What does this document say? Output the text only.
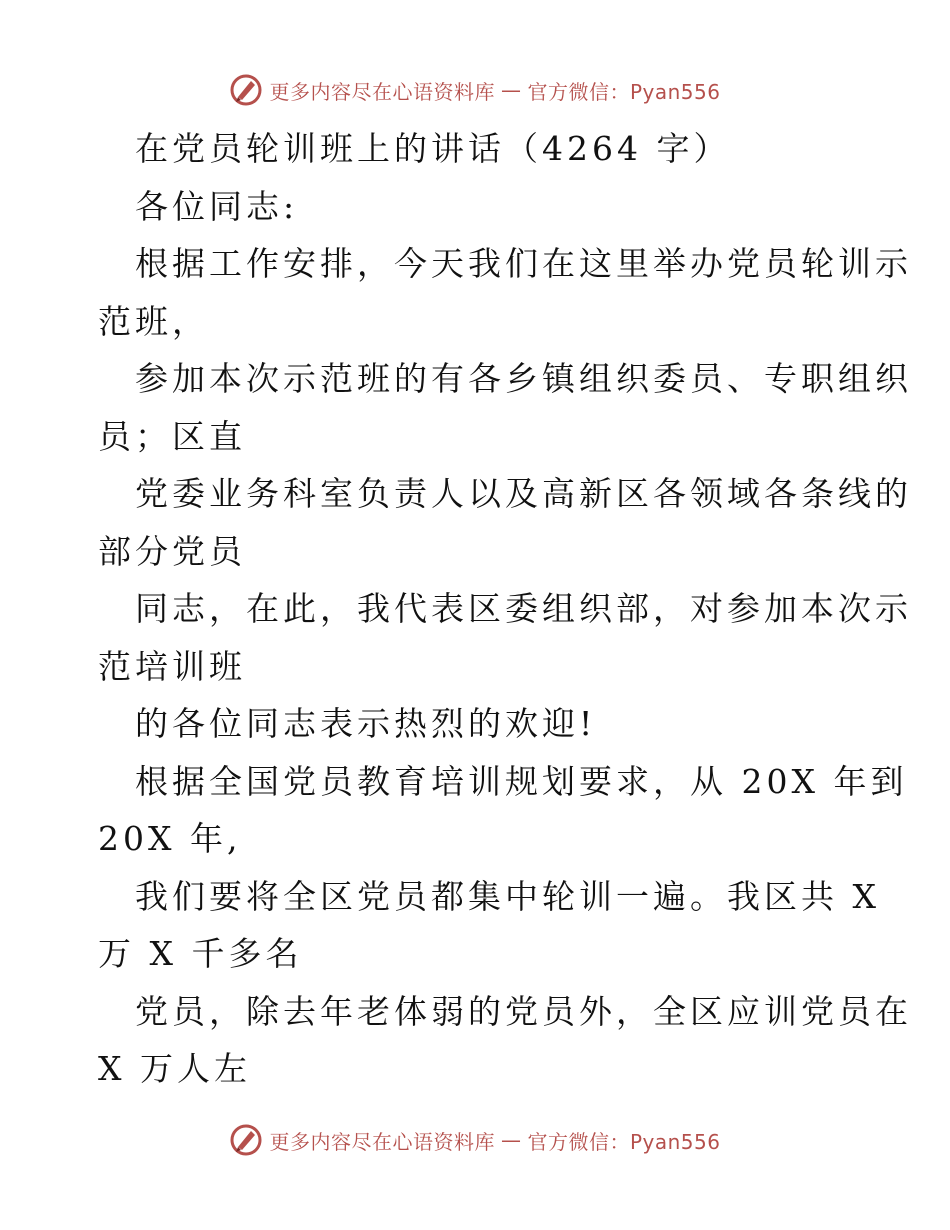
更多内容尽在心语资料库 — 官方微信：Pyan556
在党员轮训班上的讲话（4264 字）
各位同志:
根据工作安排，今天我们在这里举办党员轮训示
范班，
参加本次示范班的有各乡镇组织委员、专职组织
员；区直
党委业务科室负责人以及高新区各领域各条线的
部分党员
同志，在此，我代表区委组织部，对参加本次示
范培训班
的各位同志表示热烈的欢迎!
根据全国党员教育培训规划要求，从 20X 年到
20X 年,
我们要将全区党员都集中轮训一遍。我区共 X
万 X 千多名
党员，除去年老体弱的党员外，全区应训党员在
X 万人左
更多内容尽在心语资料库 — 官方微信：Pyan556
